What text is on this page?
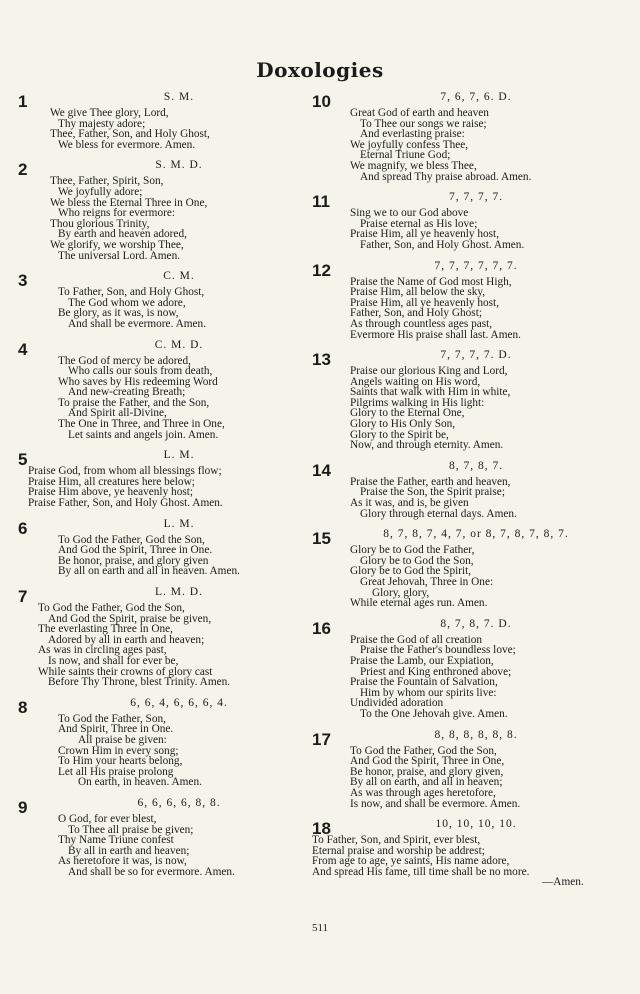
Doxologies
1	S. M.
We give Thee glory, Lord,
Thy majesty adore;
Thee, Father, Son, and Holy Ghost,
We bless for evermore. Amen.
2	S. M. D.
Thee, Father, Spirit, Son,
We joyfully adore;
We bless the Eternal Three in One,
Who reigns for evermore:
Thou glorious Trinity,
By earth and heaven adored,
We glorify, we worship Thee,
The universal Lord. Amen.
3	C. M.
To Father, Son, and Holy Ghost,
The God whom we adore,
Be glory, as it was, is now,
And shall be evermore. Amen.
4	C. M. D.
The God of mercy be adored,
Who calls our souls from death,
Who saves by His redeeming Word
And new-creating Breath;
To praise the Father, and the Son,
And Spirit all-Divine,
The One in Three, and Three in One,
Let saints and angels join. Amen.
5	L. M.
Praise God, from whom all blessings flow;
Praise Him, all creatures here below;
Praise Him above, ye heavenly host;
Praise Father, Son, and Holy Ghost. Amen.
6	L. M.
To God the Father, God the Son,
And God the Spirit, Three in One.
Be honor, praise, and glory given
By all on earth and all in heaven. Amen.
7	L. M. D.
To God the Father, God the Son,
And God the Spirit, praise be given,
The everlasting Three in One,
Adored by all in earth and heaven;
As was in circling ages past,
Is now, and shall for ever be,
While saints their crowns of glory cast
Before Thy Throne, blest Trinity. Amen.
8	6, 6, 4, 6, 6, 6, 4.
To God the Father, Son,
And Spirit, Three in One.
All praise be given:
Crown Him in every song;
To Him your hearts belong,
Let all His praise prolong
On earth, in heaven. Amen.
9	6, 6, 6, 6, 8, 8.
O God, for ever blest,
To Thee all praise be given;
Thy Name Triune confest
By all in earth and heaven;
As heretofore it was, is now,
And shall be so for evermore. Amen.
10	7, 6, 7, 6. D.
Great God of earth and heaven
To Thee our songs we raise;
And everlasting praise:
We joyfully confess Thee,
Eternal Triune God;
We magnify, we bless Thee,
And spread Thy praise abroad. Amen.
11	7, 7, 7, 7.
Sing we to our God above
Praise eternal as His love;
Praise Him, all ye heavenly host,
Father, Son, and Holy Ghost. Amen.
12	7, 7, 7, 7, 7, 7.
Praise the Name of God most High,
Praise Him, all below the sky,
Praise Him, all ye heavenly host,
Father, Son, and Holy Ghost;
As through countless ages past,
Evermore His praise shall last. Amen.
13	7, 7, 7, 7. D.
Praise our glorious King and Lord,
Angels waiting on His word,
Saints that walk with Him in white,
Pilgrims walking in His light:
Glory to the Eternal One,
Glory to His Only Son,
Glory to the Spirit be,
Now, and through eternity. Amen.
14	8, 7, 8, 7.
Praise the Father, earth and heaven,
Praise the Son, the Spirit praise;
As it was, and is, be given
Glory through eternal days. Amen.
15	8, 7, 8, 7, 4, 7, or 8, 7, 8, 7, 8, 7.
Glory be to God the Father,
Glory be to God the Son,
Glory be to God the Spirit,
Great Jehovah, Three in One:
Glory, glory,
While eternal ages run. Amen.
16	8, 7, 8, 7. D.
Praise the God of all creation
Praise the Father's boundless love;
Praise the Lamb, our Expiation,
Priest and King enthroned above;
Praise the Fountain of Salvation,
Him by whom our spirits live:
Undivided adoration
To the One Jehovah give. Amen.
17	8, 8, 8, 8, 8, 8.
To God the Father, God the Son,
And God the Spirit, Three in One,
Be honor, praise, and glory given,
By all on earth, and all in heaven;
As was through ages heretofore,
Is now, and shall be evermore. Amen.
18	10, 10, 10, 10.
To Father, Son, and Spirit, ever blest,
Eternal praise and worship be addrest;
From age to age, ye saints, His name adore,
And spread His fame, till time shall be no more.
—Amen.
511
